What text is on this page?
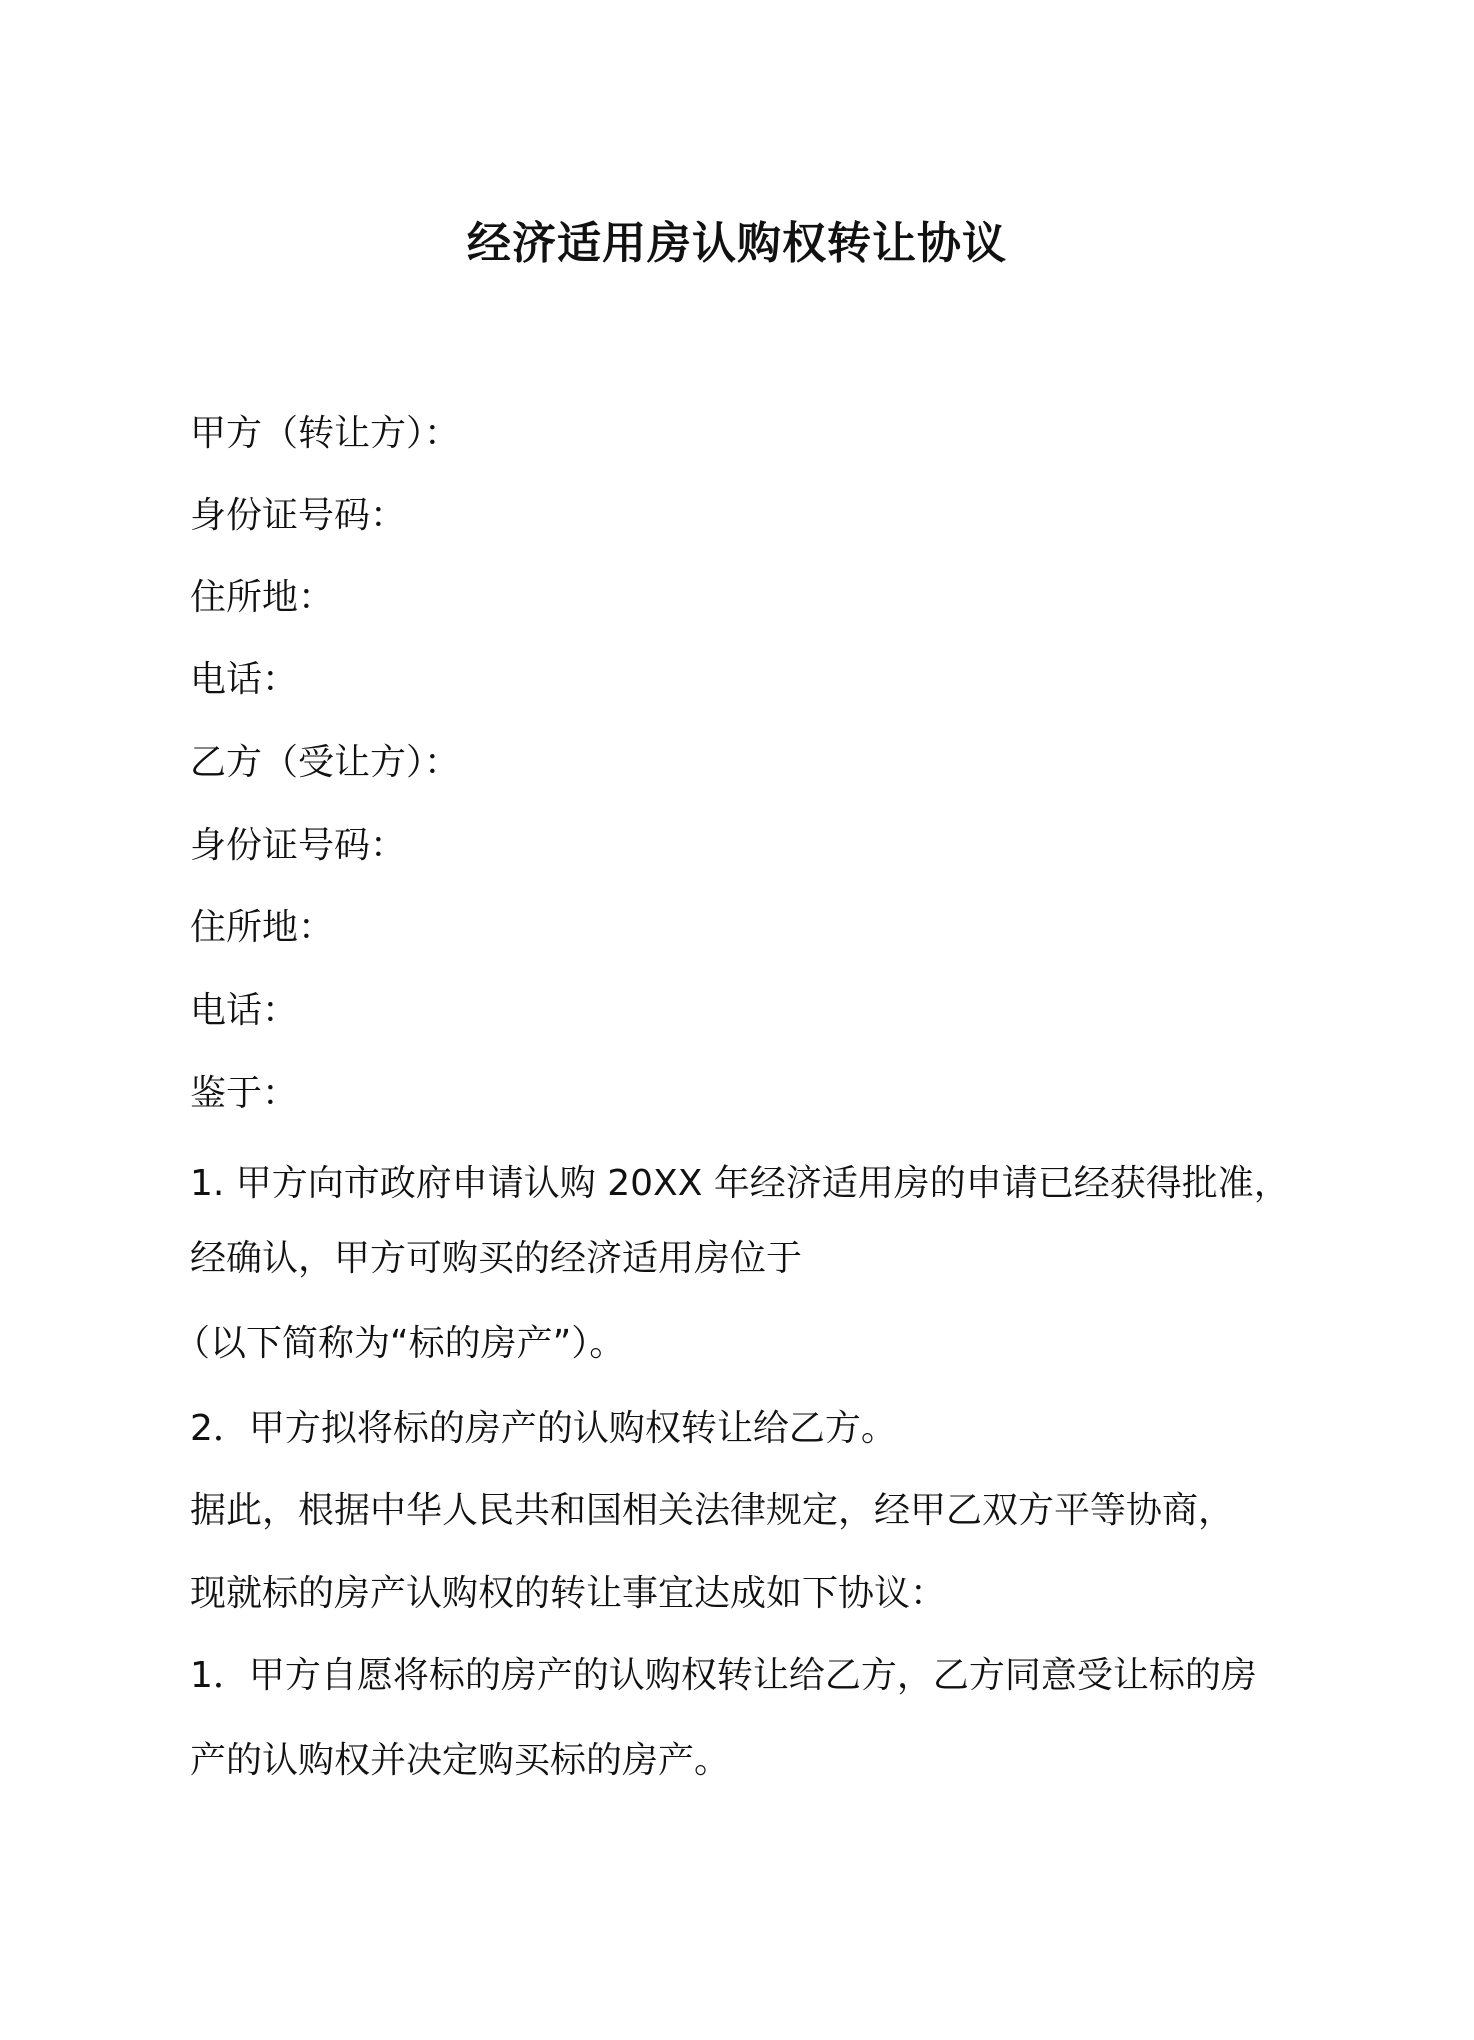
经济适用房认购权转让协议
甲方（转让方）：
身份证号码：
住所地：
电话：
乙方（受让方）：
身份证号码：
住所地：
电话：
鉴于：
1. 甲方向市政府申请认购 20XX 年经济适用房的申请已经获得批准，
经确认，甲方可购买的经济适用房位于
（以下简称为“标的房产”）。
2．甲方拟将标的房产的认购权转让给乙方。
据此，根据中华人民共和国相关法律规定，经甲乙双方平等协商，
现就标的房产认购权的转让事宜达成如下协议：
1．甲方自愿将标的房产的认购权转让给乙方，乙方同意受让标的房
产的认购权并决定购买标的房产。
